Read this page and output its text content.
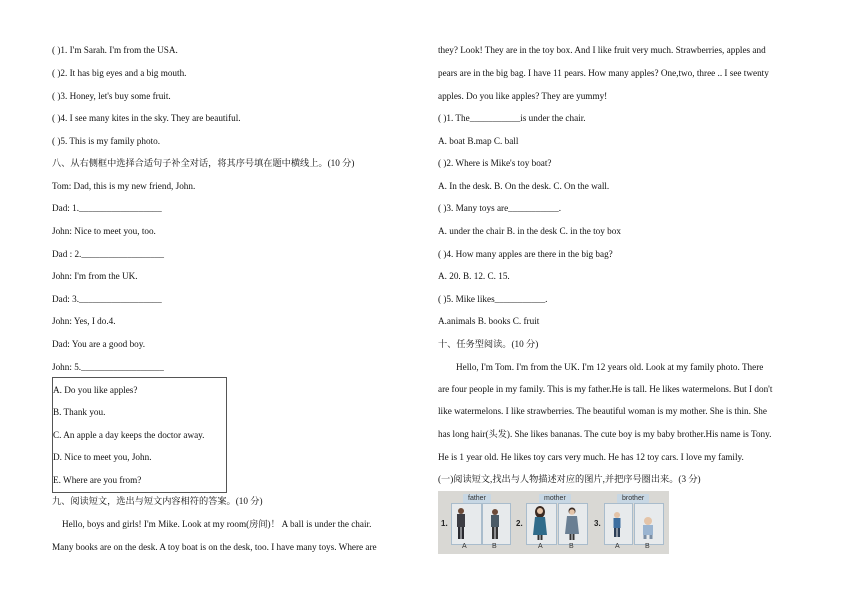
( )1. I'm Sarah. I'm from the USA.
( )2. It has big eyes and a big mouth.
( )3. Honey, let's buy some fruit.
( )4. I see many kites in the sky. They are beautiful.
( )5. This is my family photo.
八、从右侧框中选择合适句子补全对话，将其序号填在题中横线上。(10 分)
Tom: Dad, this is my new friend, John.
Dad: 1.__________________
John: Nice to meet you, too.
Dad : 2.__________________
John: I'm from the UK.
Dad: 3.__________________
John: Yes, I do.4.
Dad: You are a good boy.
John: 5.__________________
九、阅读短文，选出与短文内容相符的答案。(10 分)
Hello, boys and girls! I'm Mike. Look at my room(房间)！ A ball is under the chair.
Many books are on the desk. A toy boat is on the desk, too. I have many toys. Where are
A. Do you like apples?
B. Thank you.
C. An apple a day keeps the doctor away.
D. Nice to meet you, John.
E. Where are you from?
they? Look! They are in the toy box. And I like fruit very much. Strawberries, apples and
pears are in the big bag. I have 11 pears. How many apples? One,two, three .. I see twenty
apples. Do you like apples? They are yummy!
( )1. The___________is under the chair.
A. boat B.map C. ball
( )2. Where is Mike's toy boat?
A. In the desk. B. On the desk. C. On the wall.
( )3. Many toys are___________.
A. under the chair B. in the desk C. in the toy box
( )4. How many apples are there in the big bag?
A. 20. B. 12. C. 15.
( )5. Mike likes___________.
A.animals B. books C. fruit
十、任务型阅读。(10 分)
Hello, I'm Tom. I'm from the UK. I'm 12 years old. Look at my family photo. There
are four people in my family. This is my father.He is tall. He likes watermelons. But I don't
like watermelons. I like strawberries. The beautiful woman is my mother. She is thin. She
has long hair(头发). She likes bananas. The cute boy is my baby brother.His name is Tony.
He is 1 year old. He likes toy cars very much. He has 12 toy cars. I love my family.
(一)阅读短文,找出与人物描述对应的图片,并把序号圈出来。(3 分)
father	mother	brother
1.	2.	3.
A	B	A	B	A	B
